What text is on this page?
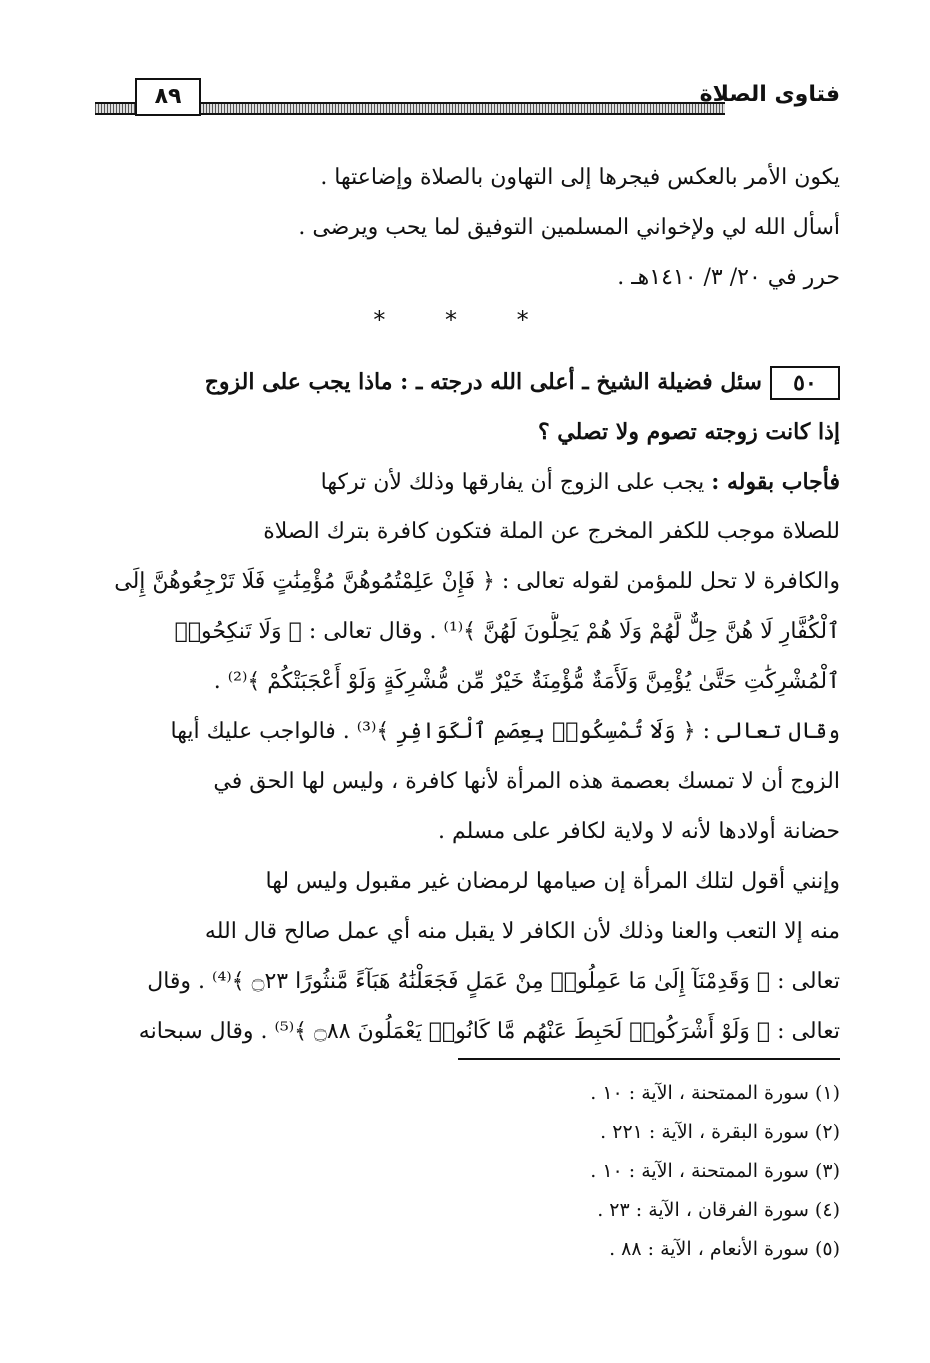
٨٩	فتاوى الصلاة
يكون الأمر بالعكس فيجرها إلى التهاون بالصلاة وإضاعتها .
أسأل الله لي ولإخواني المسلمين التوفيق لما يحب ويرضى .
حرر في ٢٠/ ٣/ ١٤١٠هـ .
* * *
٥٠سئل فضيلة الشيخ ـ أعلى الله درجته ـ : ماذا يجب على الزوج
إذا كانت زوجته تصوم ولا تصلي ؟
فأجاب بقوله : يجب على الزوج أن يفارقها وذلك لأن تركها
للصلاة موجب للكفر المخرج عن الملة فتكون كافرة بترك الصلاة
والكافرة لا تحل للمؤمن لقوله تعالى : ﴿ فَإِنْ عَلِمْتُمُوهُنَّ مُؤْمِنَٰتٍ فَلَا تَرْجِعُوهُنَّ إِلَى
ٱلْكُفَّارِ لَا هُنَّ حِلٌّ لَّهُمْ وَلَا هُمْ يَحِلُّونَ لَهُنَّ ﴾⁽¹⁾ . وقال تعالى : ﴿ وَلَا تَنكِحُوا۟
ٱلْمُشْرِكَٰتِ حَتَّىٰ يُؤْمِنَّ وَلَأَمَةٌ مُّؤْمِنَةٌ خَيْرٌ مِّن مُّشْرِكَةٍ وَلَوْ أَعْجَبَتْكُمْ ﴾⁽²⁾ .
وقال تعالى : ﴿ وَلَا تُمْسِكُوا۟ بِعِصَمِ ٱلْكَوَافِرِ ﴾⁽³⁾ . فالواجب عليك أيها
الزوج أن لا تمسك بعصمة هذه المرأة لأنها كافرة ، وليس لها الحق في
حضانة أولادها لأنه لا ولاية لكافر على مسلم .
وإنني أقول لتلك المرأة إن صيامها لرمضان غير مقبول وليس لها
منه إلا التعب والعنا وذلك لأن الكافر لا يقبل منه أي عمل صالح قال الله
تعالى : ﴿ وَقَدِمْنَآ إِلَىٰ مَا عَمِلُوا۟ مِنْ عَمَلٍ فَجَعَلْنَٰهُ هَبَآءً مَّنثُورًا ۝٢٣ ﴾⁽⁴⁾ . وقال
تعالى : ﴿ وَلَوْ أَشْرَكُوا۟ لَحَبِطَ عَنْهُم مَّا كَانُوا۟ يَعْمَلُونَ ۝٨٨ ﴾⁽⁵⁾ . وقال سبحانه
(١) سورة الممتحنة ، الآية : ١٠ .
(٢) سورة البقرة ، الآية : ٢٢١ .
(٣) سورة الممتحنة ، الآية : ١٠ .
(٤) سورة الفرقان ، الآية : ٢٣ .
(٥) سورة الأنعام ، الآية : ٨٨ .
